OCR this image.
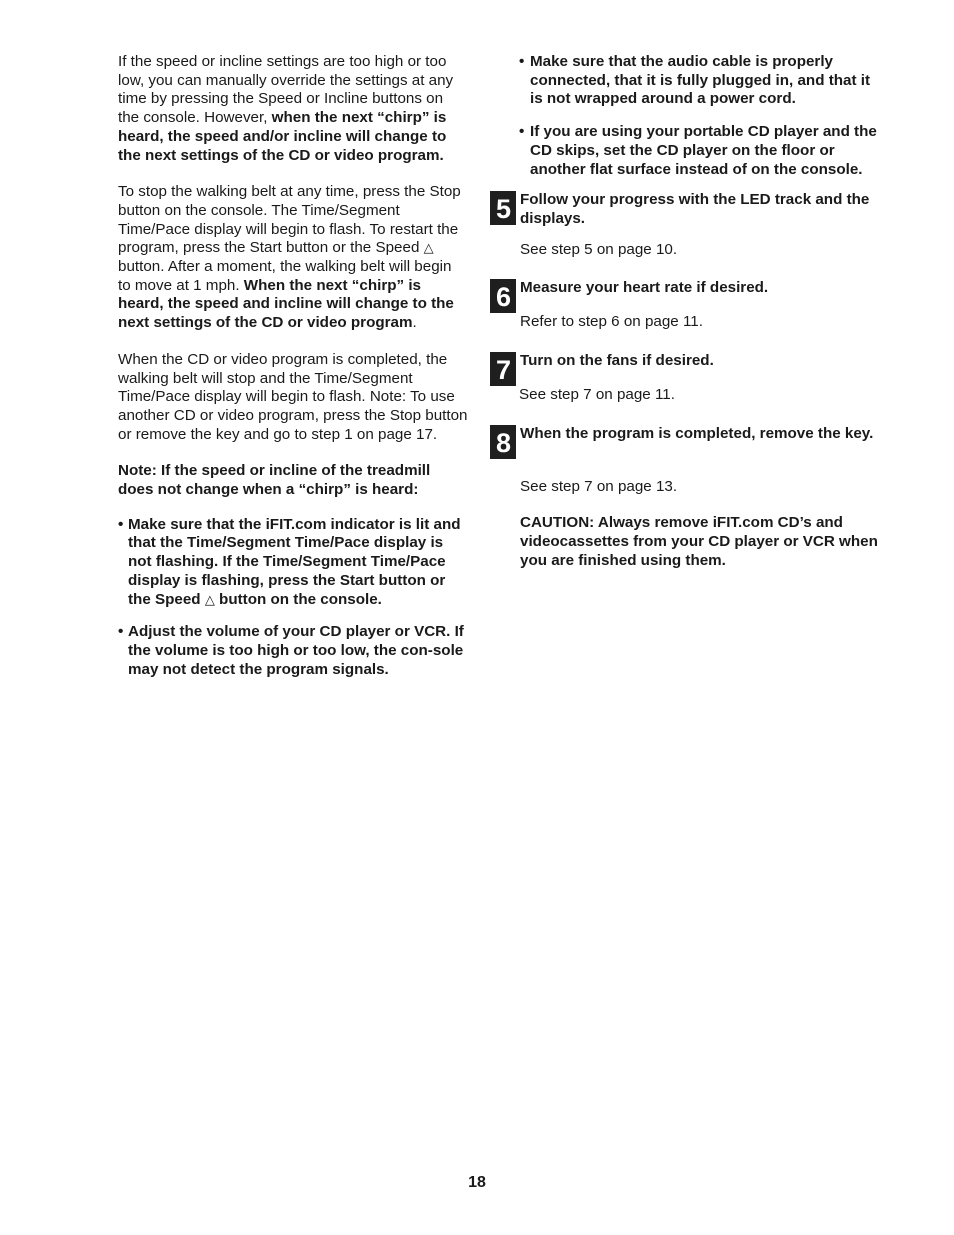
If the speed or incline settings are too high or too low, you can manually override the settings at any time by pressing the Speed or Incline buttons on the console. However, when the next “chirp” is heard, the speed and/or incline will change to the next settings of the CD or video program.

To stop the walking belt at any time, press the Stop button on the console. The Time/Segment Time/Pace display will begin to flash. To restart the program, press the Start button or the Speed △ button. After a moment, the walking belt will begin to move at 1 mph. When the next “chirp” is heard, the speed and incline will change to the next settings of the CD or video program.

When the CD or video program is completed, the walking belt will stop and the Time/Segment Time/Pace display will begin to flash. Note: To use another CD or video program, press the Stop button or remove the key and go to step 1 on page 17.

Note: If the speed or incline of the treadmill does not change when a “chirp” is heard:

• Make sure that the iFIT.com indicator is lit and that the Time/Segment Time/Pace display is not flashing. If the Time/Segment Time/Pace display is flashing, press the Start button or the Speed △ button on the console.
• Adjust the volume of your CD player or VCR. If the volume is too high or too low, the con-sole may not detect the program signals.
• Make sure that the audio cable is properly connected, that it is fully plugged in, and that it is not wrapped around a power cord.
• If you are using your portable CD player and the CD skips, set the CD player on the floor or another flat surface instead of on the console.
5 Follow your progress with the LED track and the displays.

See step 5 on page 10.

6 Measure your heart rate if desired.

Refer to step 6 on page 11.

7 Turn on the fans if desired.

See step 7 on page 11.

8 When the program is completed, remove the key.

See step 7 on page 13.

CAUTION: Always remove iFIT.com CD’s and videocassettes from your CD player or VCR when you are finished using them.

18
